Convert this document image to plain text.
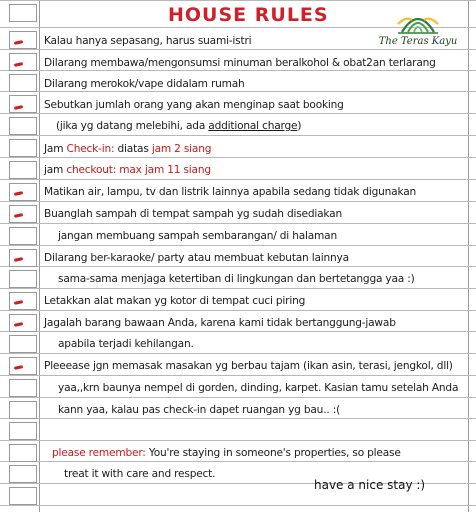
HOUSE RULES
The Teras Kayu
Kalau hanya sepasang, harus suami-istri
Dilarang membawa/mengonsumsi minuman beralkohol & obat2an terlarang
Dilarang merokok/vape didalam rumah
Sebutkan jumlah orang yang akan menginap saat booking
(jika yg datang melebihi, ada additional charge)
Jam Check-in: diatas jam 2 siang
jam checkout: max jam 11 siang
Matikan air, lampu, tv dan listrik lainnya apabila sedang tidak digunakan
Buanglah sampah di tempat sampah yg sudah disediakan
jangan membuang sampah sembarangan/ di halaman
Dilarang ber-karaoke/ party atau membuat kebutan lainnya
sama-sama menjaga ketertiban di lingkungan dan bertetangga yaa :)
Letakkan alat makan yg kotor di tempat cuci piring
Jagalah barang bawaan Anda, karena kami tidak bertanggung-jawab
apabila terjadi kehilangan.
Pleeease jgn memasak masakan yg berbau tajam (ikan asin, terasi, jengkol, dll)
yaa,,krn baunya nempel di gorden, dinding, karpet. Kasian tamu setelah Anda
kann yaa, kalau pas check-in dapet ruangan yg bau.. :(
please remember: You're staying in someone's properties, so please
treat it with care and respect.
have a nice stay :)
